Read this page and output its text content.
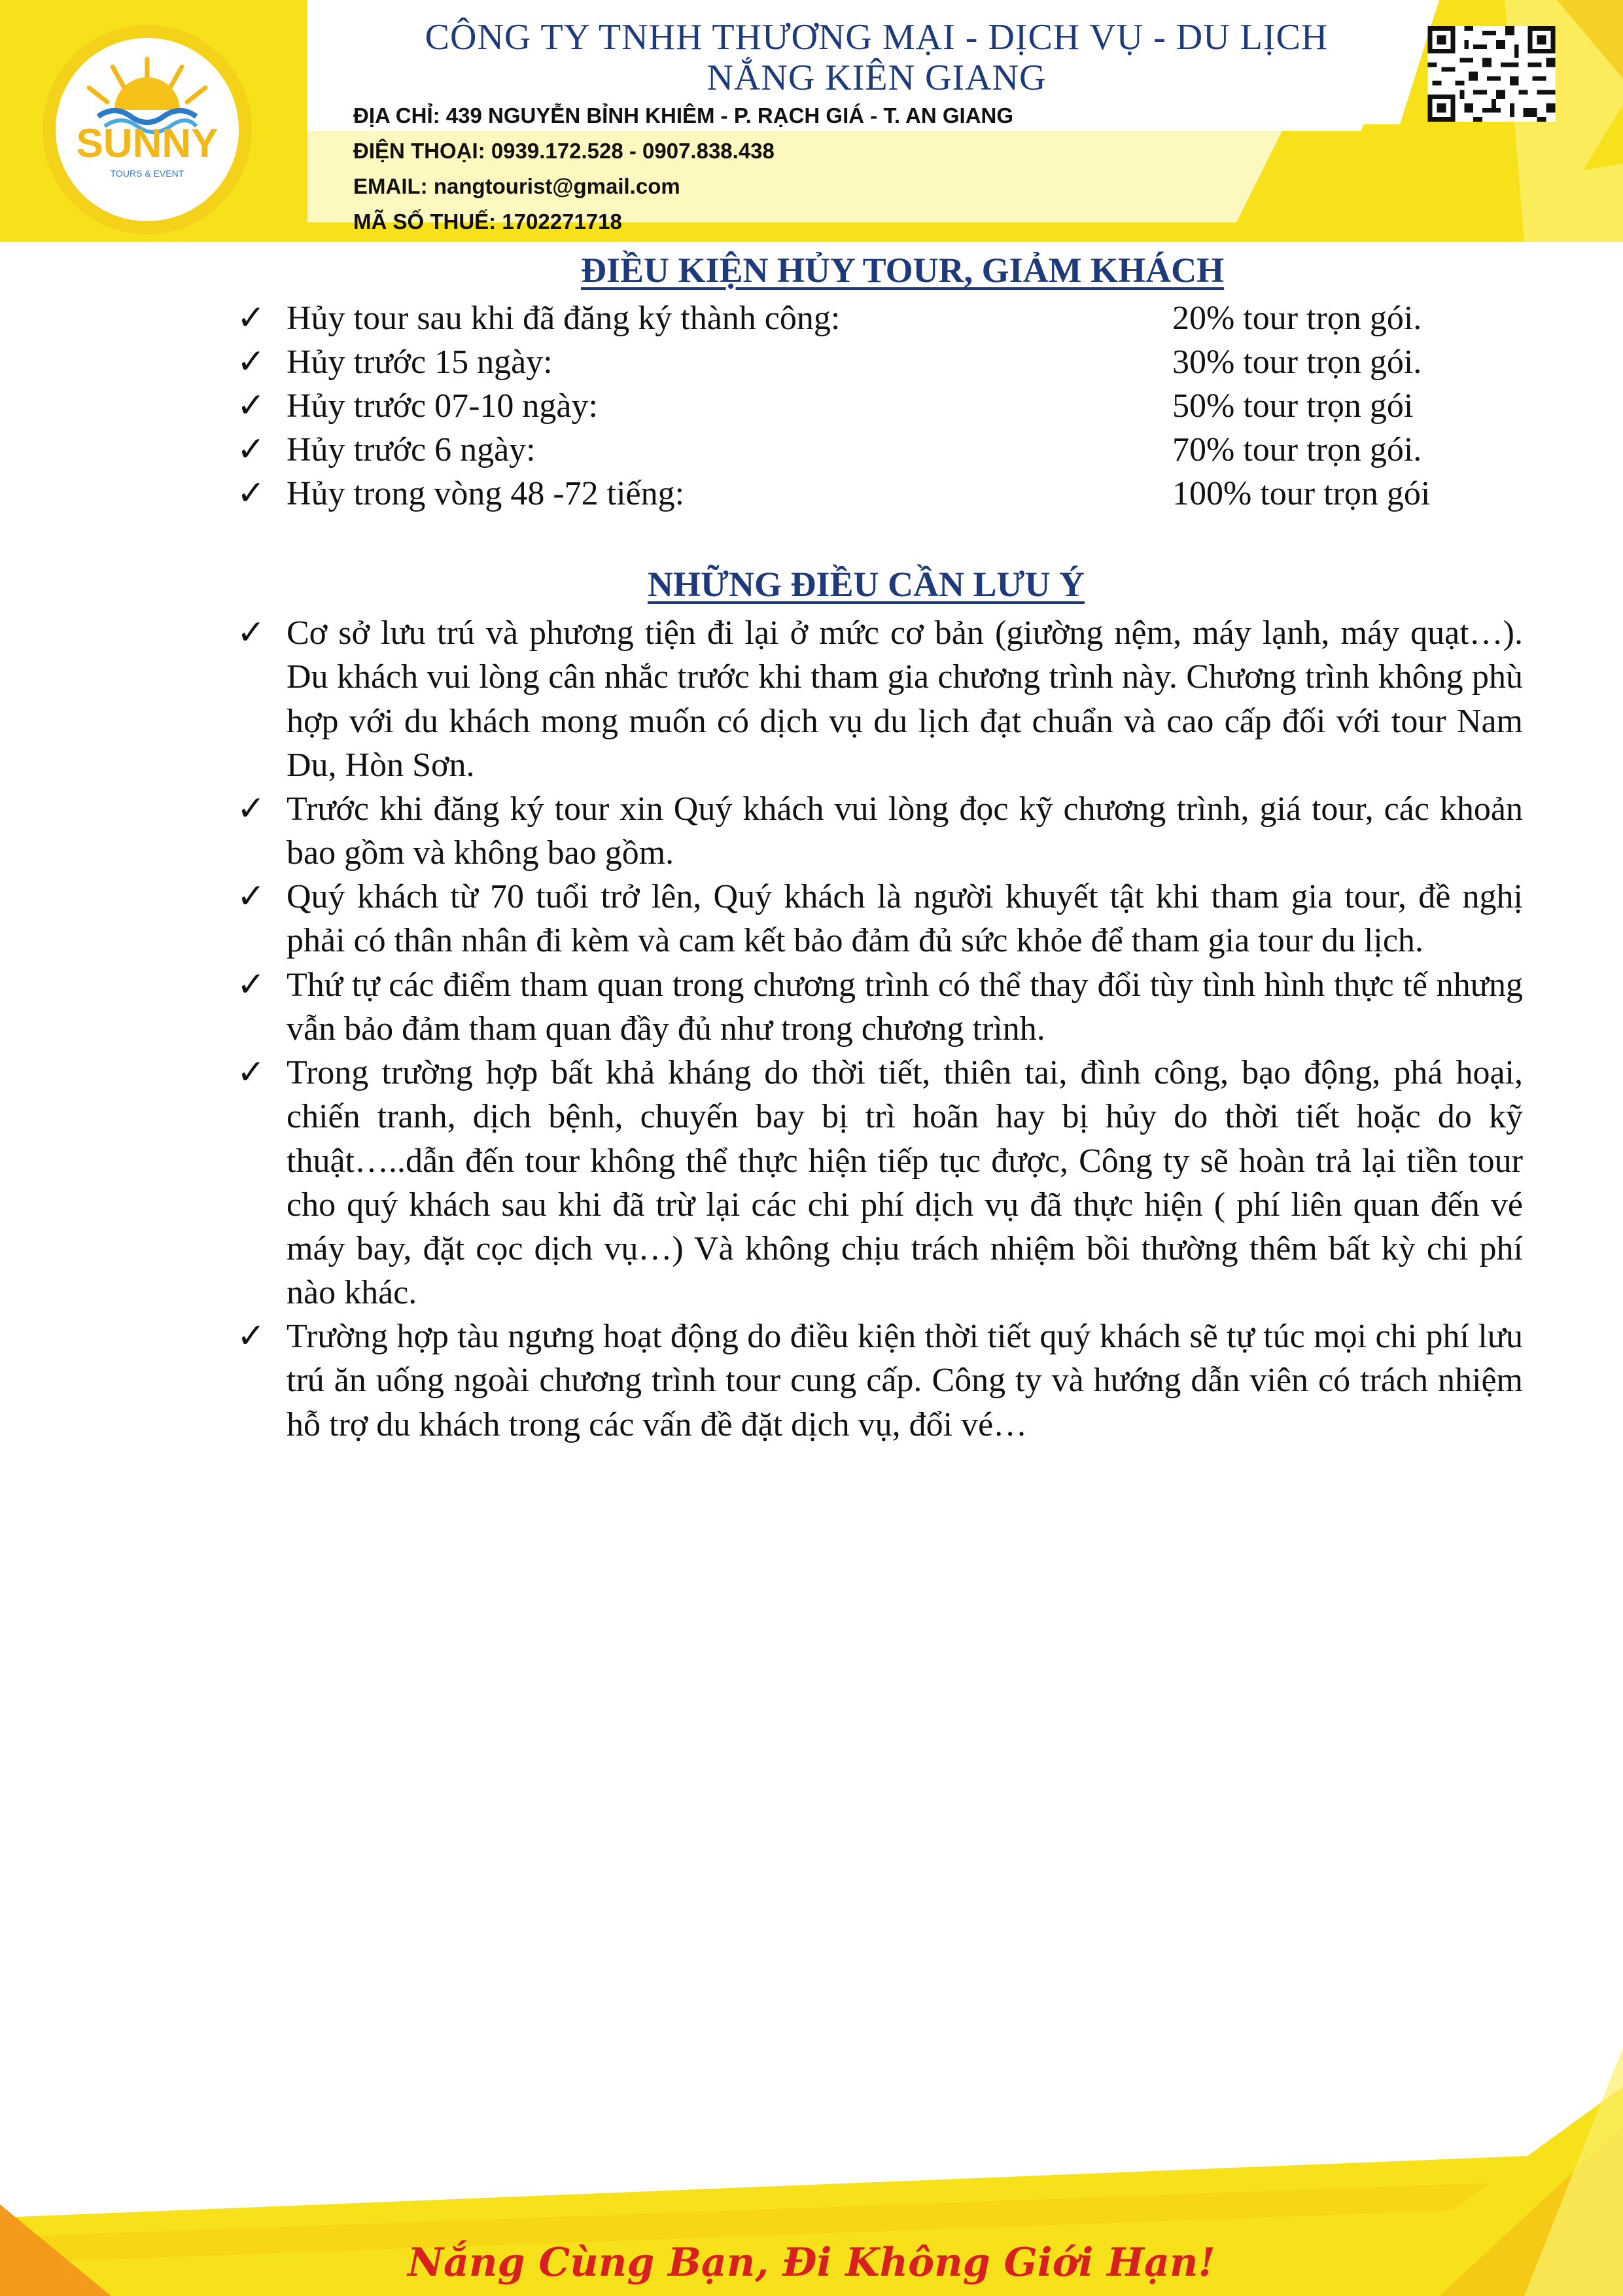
SUNNY
TOURS & EVENT
CÔNG TY TNHH THƯƠNG MẠI - DỊCH VỤ - DU LỊCH
NẮNG KIÊN GIANG
ĐỊA CHỈ: 439 NGUYỄN BỈNH KHIÊM - P. RẠCH GIÁ - T. AN GIANG
ĐIỆN THOẠI: 0939.172.528 - 0907.838.438
EMAIL: nangtourist@gmail.com
MÃ SỐ THUẾ: 1702271718
ĐIỀU KIỆN HỦY TOUR, GIẢM KHÁCH
✓ Hủy tour sau khi đã đăng ký thành công:	20% tour trọn gói.
✓ Hủy trước 15 ngày:	30% tour trọn gói.
✓ Hủy trước 07-10 ngày:	50% tour trọn gói
✓ Hủy trước 6 ngày:	70% tour trọn gói.
✓ Hủy trong vòng 48 -72 tiếng:	100% tour trọn gói
NHỮNG ĐIỀU CẦN LƯU Ý
✓ Cơ sở lưu trú và phương tiện đi lại ở mức cơ bản (giường nệm, máy lạnh, máy quạt…). Du khách vui lòng cân nhắc trước khi tham gia chương trình này. Chương trình không phù hợp với du khách mong muốn có dịch vụ du lịch đạt chuẩn và cao cấp đối với tour Nam Du, Hòn Sơn.
✓ Trước khi đăng ký tour xin Quý khách vui lòng đọc kỹ chương trình, giá tour, các khoản bao gồm và không bao gồm.
✓ Quý khách từ 70 tuổi trở lên, Quý khách là người khuyết tật khi tham gia tour, đề nghị phải có thân nhân đi kèm và cam kết bảo đảm đủ sức khỏe để tham gia tour du lịch.
✓ Thứ tự các điểm tham quan trong chương trình có thể thay đổi tùy tình hình thực tế nhưng vẫn bảo đảm tham quan đầy đủ như trong chương trình.
✓ Trong trường hợp bất khả kháng do thời tiết, thiên tai, đình công, bạo động, phá hoại, chiến tranh, dịch bệnh, chuyến bay bị trì hoãn hay bị hủy do thời tiết hoặc do kỹ thuật…..dẫn đến tour không thể thực hiện tiếp tục được, Công ty sẽ hoàn trả lại tiền tour cho quý khách sau khi đã trừ lại các chi phí dịch vụ đã thực hiện ( phí liên quan đến vé máy bay, đặt cọc dịch vụ…) Và không chịu trách nhiệm bồi thường thêm bất kỳ chi phí nào khác.
✓ Trường hợp tàu ngưng hoạt động do điều kiện thời tiết quý khách sẽ tự túc mọi chi phí lưu trú ăn uống ngoài chương trình tour cung cấp. Công ty và hướng dẫn viên có trách nhiệm hỗ trợ du khách trong các vấn đề đặt dịch vụ, đổi vé…
Nắng Cùng Bạn, Đi Không Giới Hạn!
